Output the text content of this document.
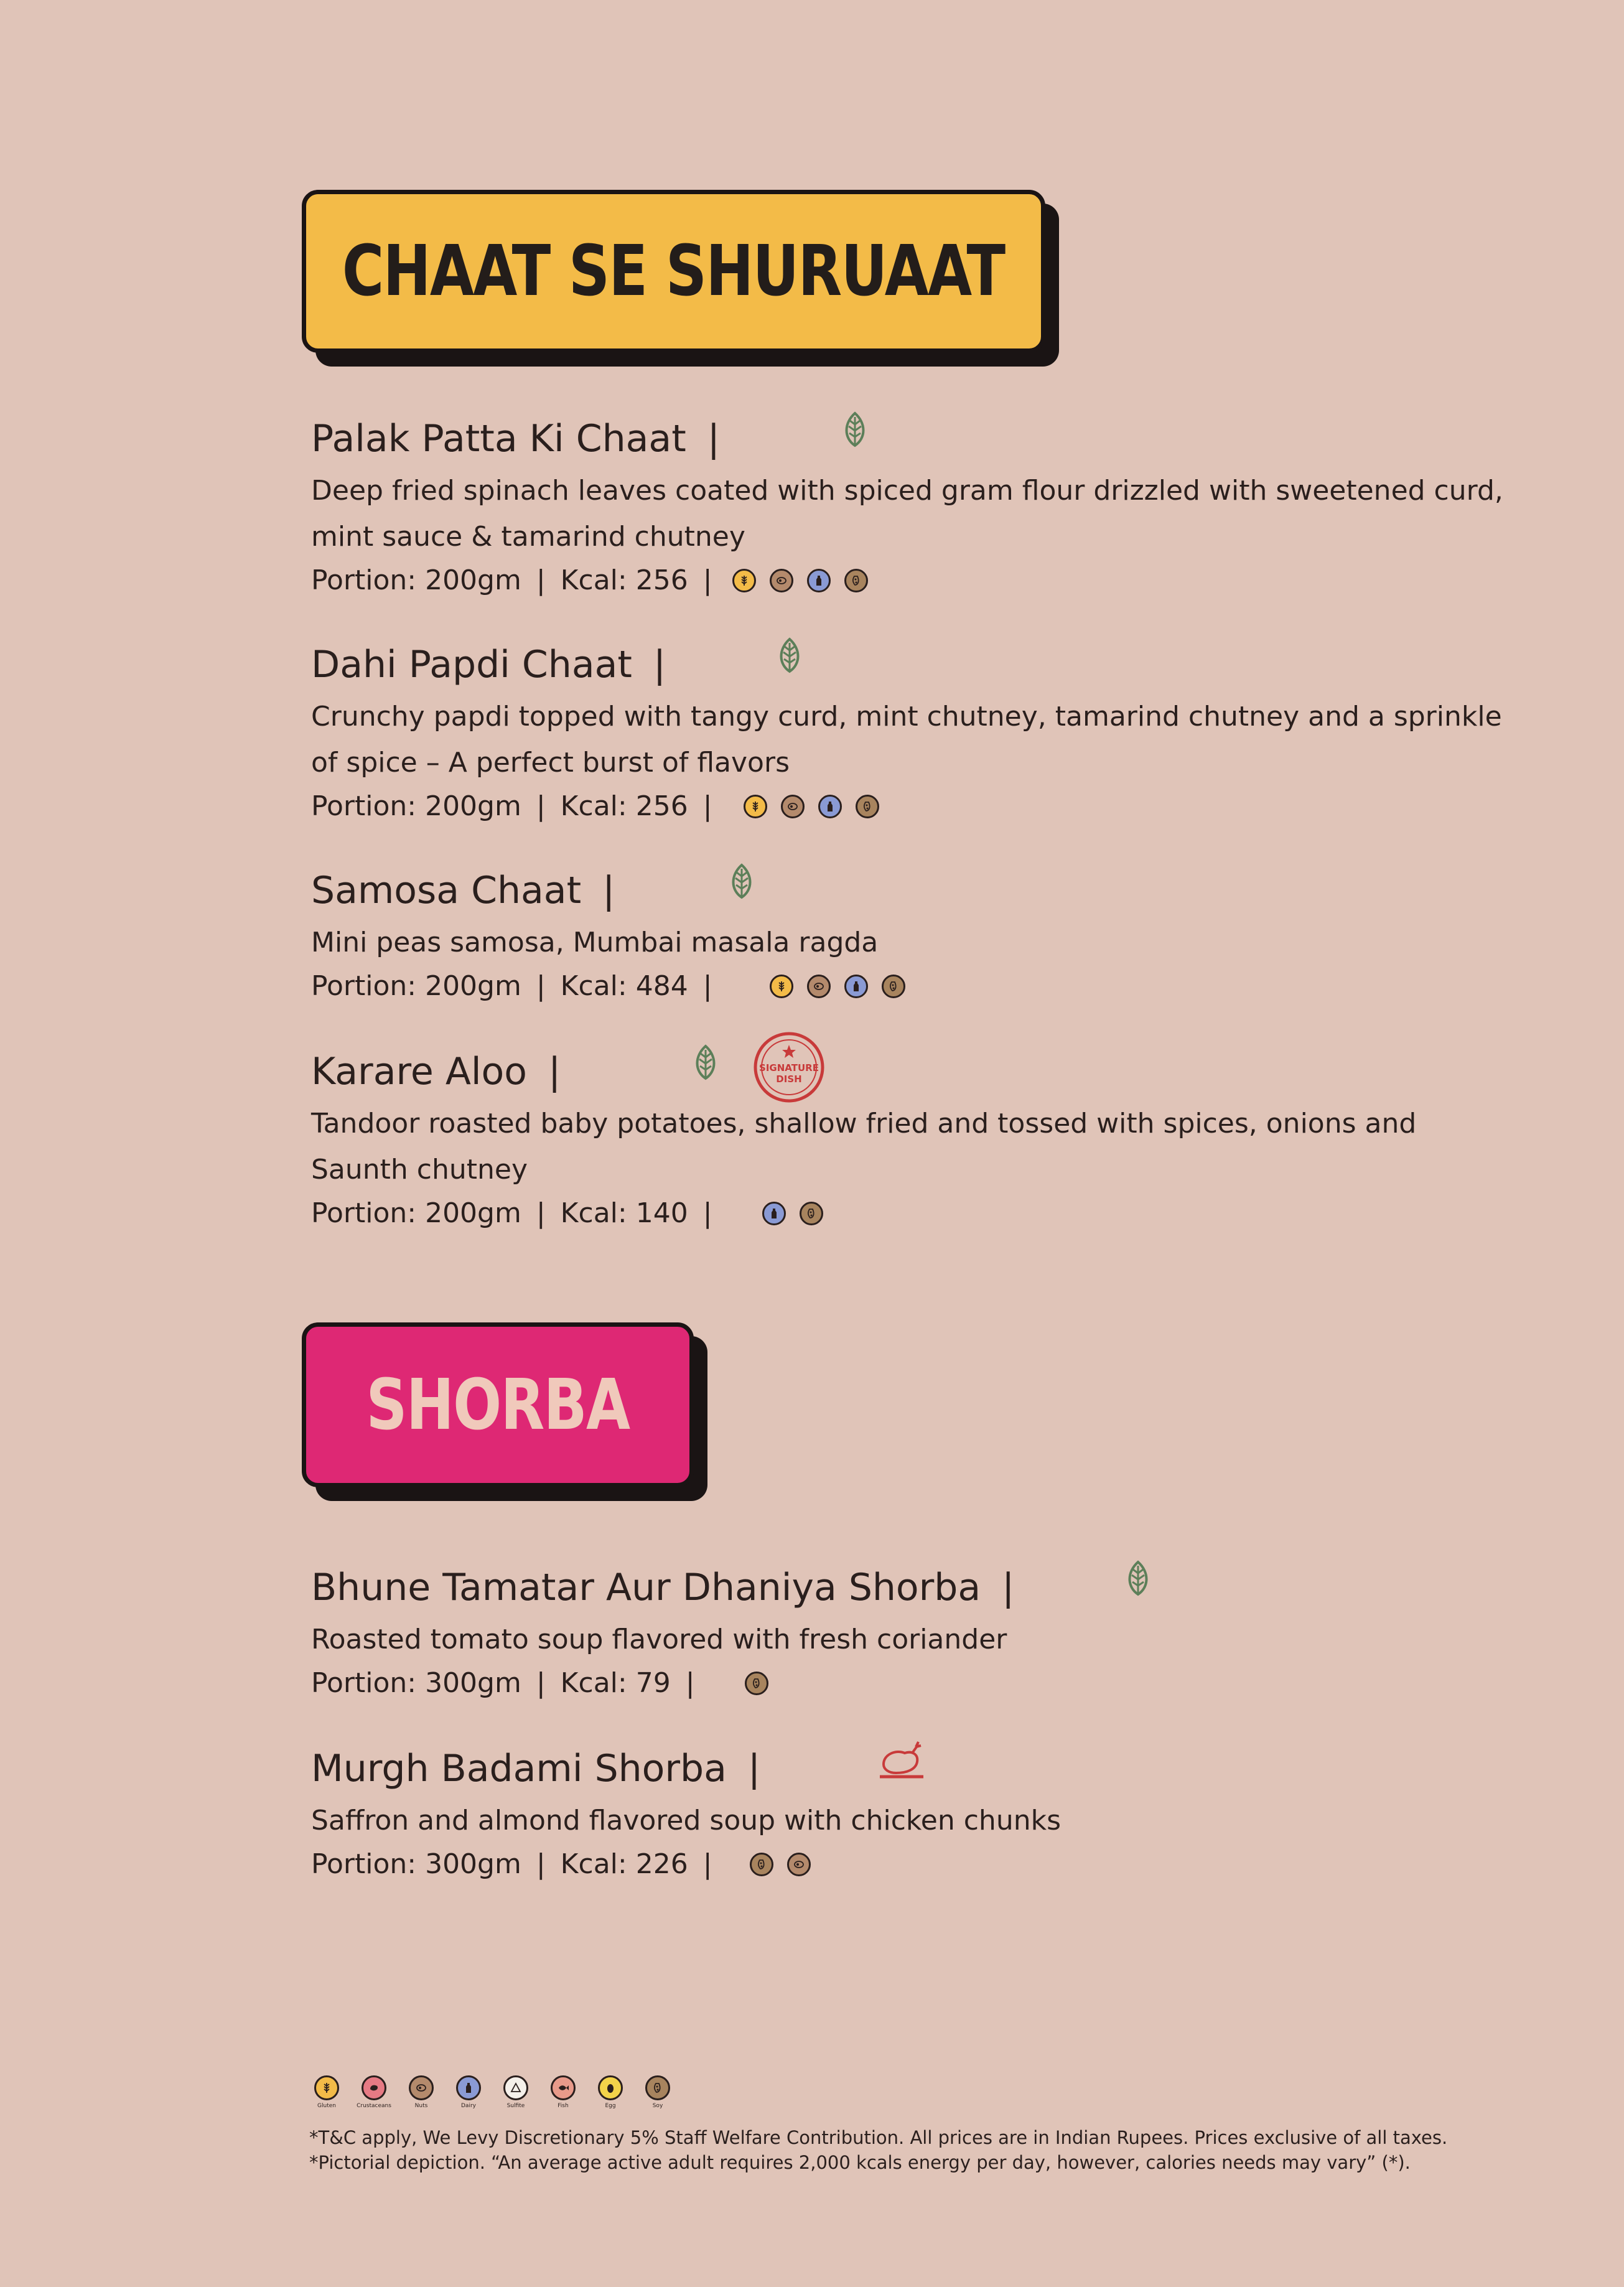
CHAAT SE SHURUAAT
Palak Patta Ki Chaat |
Deep fried spinach leaves coated with spiced gram flour drizzled with sweetened curd,
mint sauce & tamarind chutney
Portion: 200gm | Kcal: 256 |
Dahi Papdi Chaat |
Crunchy papdi topped with tangy curd, mint chutney, tamarind chutney and a sprinkle
of spice – A perfect burst of flavors
Portion: 200gm | Kcal: 256 |
Samosa Chaat |
Mini peas samosa, Mumbai masala ragda
Portion: 200gm | Kcal: 484 |
Karare Aloo |	SIGNATURE
DISH
Tandoor roasted baby potatoes, shallow fried and tossed with spices, onions and
Saunth chutney
Portion: 200gm | Kcal: 140 |
SHORBA
Bhune Tamatar Aur Dhaniya Shorba |
Roasted tomato soup flavored with fresh coriander
Portion: 300gm | Kcal: 79 |
Murgh Badami Shorba |
Saffron and almond flavored soup with chicken chunks
Portion: 300gm | Kcal: 226 |
Gluten	Crustaceans	Nuts	Dairy	Sulfite	Fish	Egg	Soy
*T&C apply, We Levy Discretionary 5% Staff Welfare Contribution. All prices are in Indian Rupees. Prices exclusive of all taxes.
*Pictorial depiction. “An average active adult requires 2,000 kcals energy per day, however, calories needs may vary” (*).
